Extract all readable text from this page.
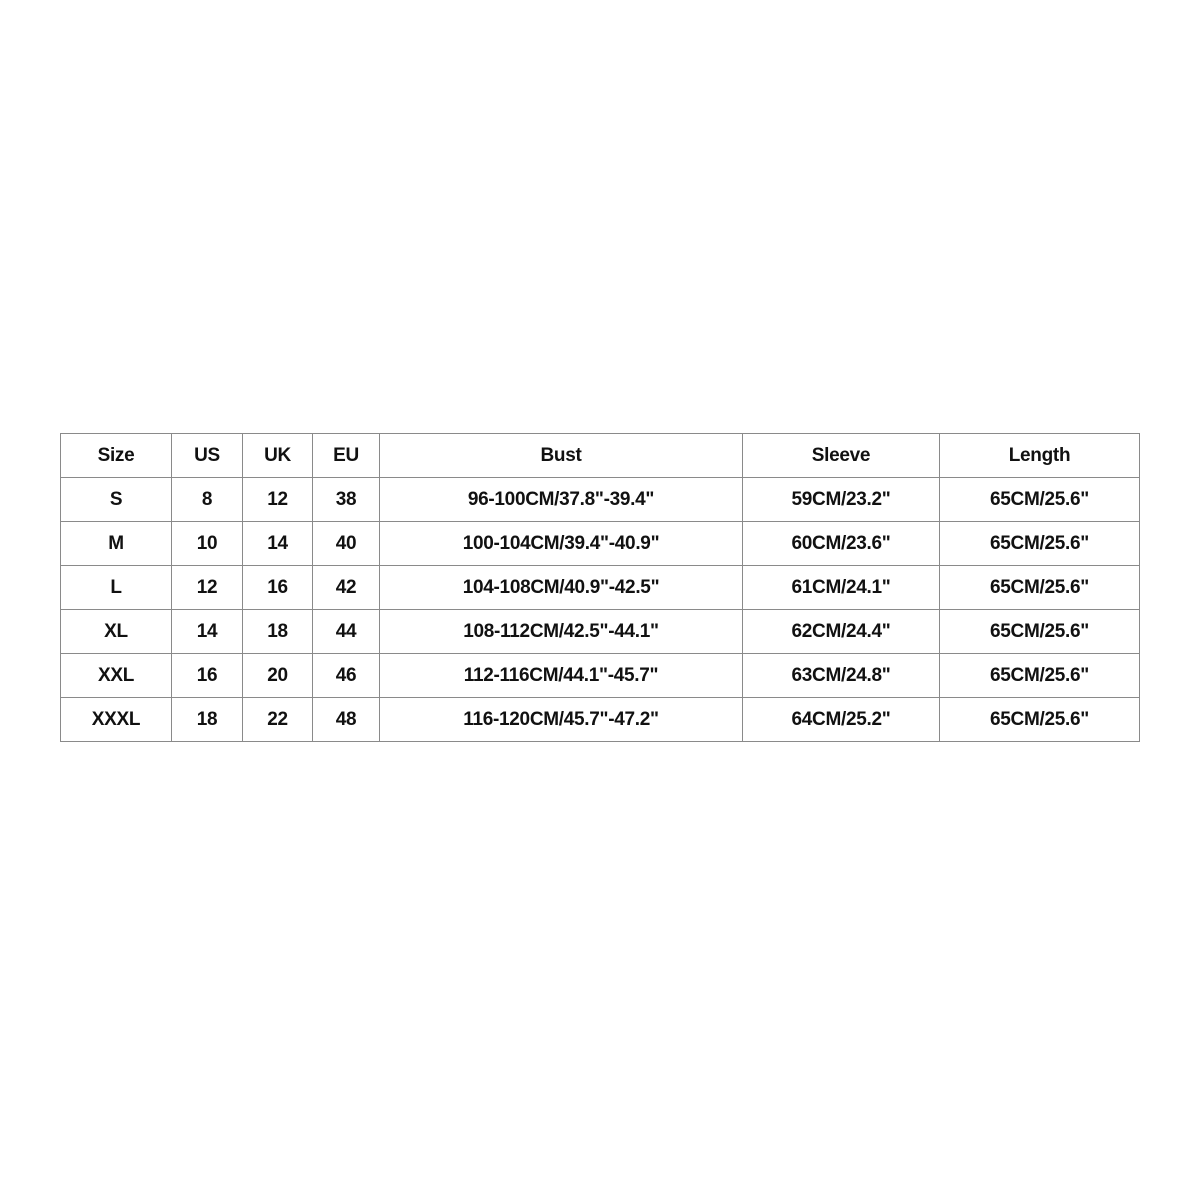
Size	US	UK	EU	Bust	Sleeve	Length
S	8	12	38	96-100CM/37.8"-39.4"	59CM/23.2"	65CM/25.6"
M	10	14	40	100-104CM/39.4"-40.9"	60CM/23.6"	65CM/25.6"
L	12	16	42	104-108CM/40.9"-42.5"	61CM/24.1"	65CM/25.6"
XL	14	18	44	108-112CM/42.5"-44.1"	62CM/24.4"	65CM/25.6"
XXL	16	20	46	112-116CM/44.1"-45.7"	63CM/24.8"	65CM/25.6"
XXXL	18	22	48	116-120CM/45.7"-47.2"	64CM/25.2"	65CM/25.6"
